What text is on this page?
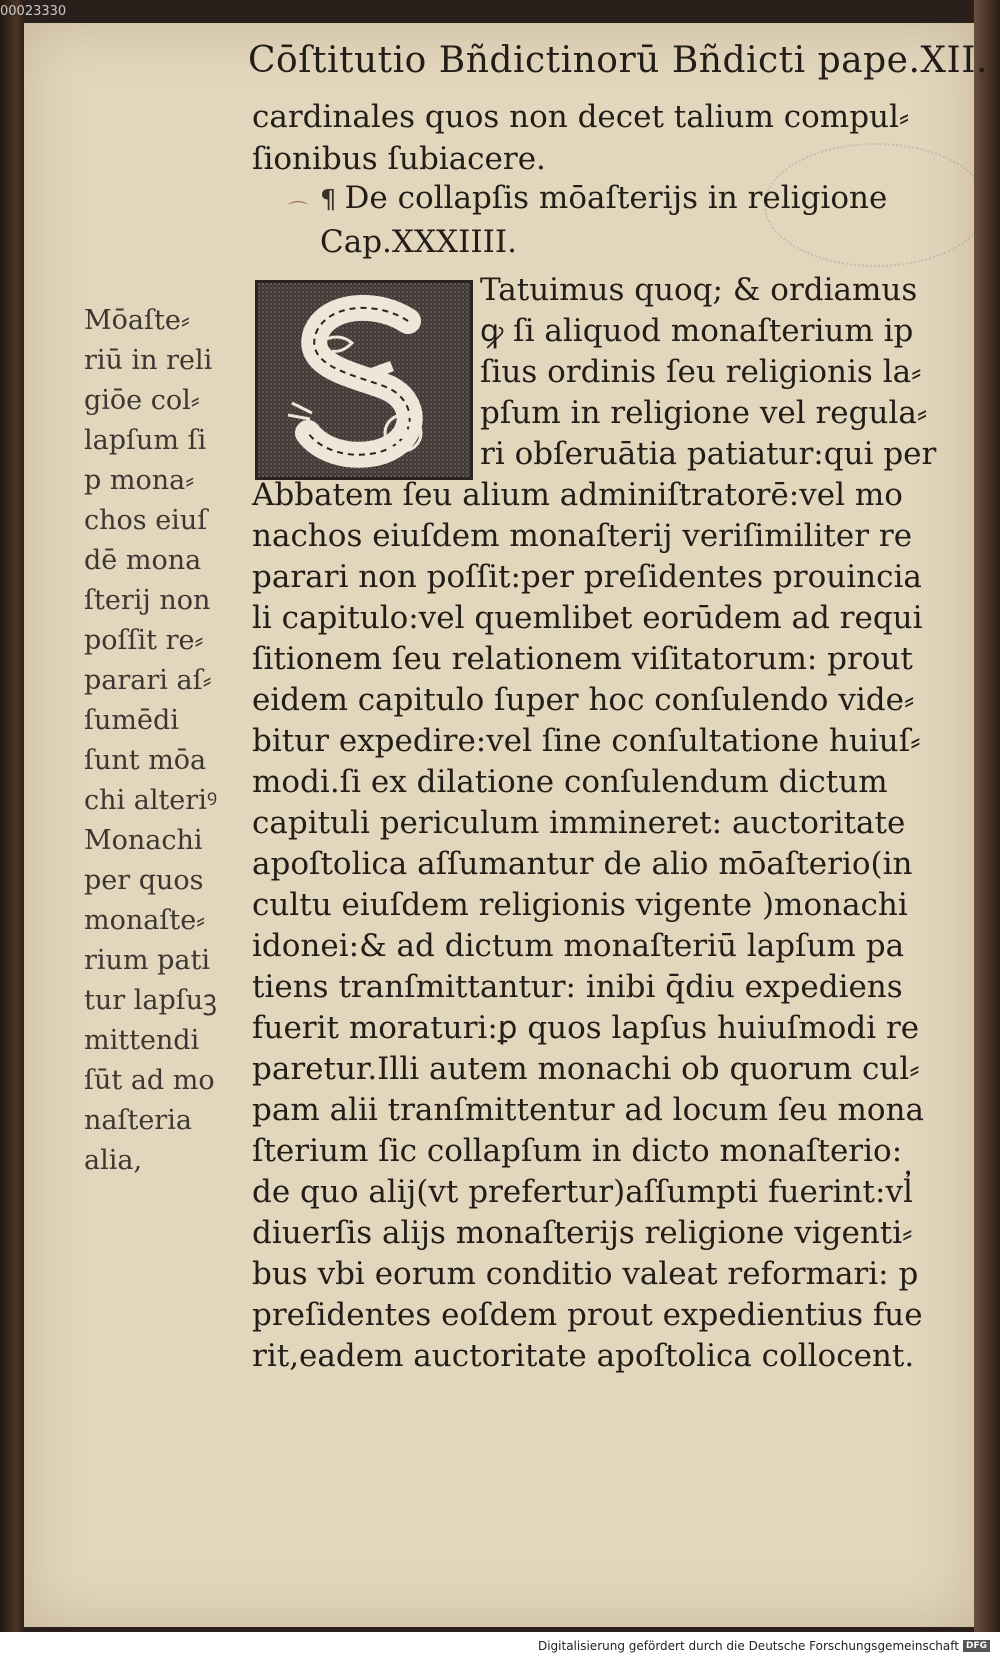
00023330

Cōſtitutio Bñdictinorū Bñdicti pape.XII.

cardinales quos non decet talium compul⸗
ſionibus ſubiacere.

⌒ ¶ De collapſis mōaſterijs in religione
Cap.XXXIIII.

Tatuimus quoq; & ordiamus
ꝙ ſi aliquod monaſterium ip
ſius ordinis ſeu religionis la⸗
pſum in religione vel regula⸗
ri obſeruātia patiatur:qui per
Abbatem ſeu alium adminiſtratorē:vel mo
nachos eiuſdem monaſterij veriſimiliter re
parari non poſſit:per preſidentes prouincia
li capitulo:vel quemlibet eorūdem ad requi
ſitionem ſeu relationem viſitatorum: prout
eidem capitulo ſuper hoc conſulendo vide⸗
bitur expedire:vel ſine conſultatione huiuſ⸗
modi.ſi ex dilatione conſulendum dictum
capituli periculum immineret: auctoritate
apoſtolica aſſumantur de alio mōaſterio(in
cultu eiuſdem religionis vigente )monachi
idonei:& ad dictum monaſteriū lapſum pa
tiens tranſmittantur: inibi q̄diu expediens
fuerit moraturi:ꝑ quos lapſus huiuſmodi re
paretur.Illi autem monachi ob quorum cul⸗
pam alii tranſmittentur ad locum ſeu mona
ſterium ſic collapſum in dicto monaſterio:
de quo alij(vt prefertur)aſſumpti fuerint:vl̓
diuerſis alijs monaſterijs religione vigenti⸗
bus vbi eorum conditio valeat reformari: p
preſidentes eoſdem prout expedientius fue
rit,eadem auctoritate apoſtolica collocent.

Mōaſte⸗
riū in reli
giōe col⸗
lapſum ſi
p mona⸗
chos eiuſ
dē mona
ſterij non
poſſit re⸗
parari aſ⸗
ſumēdi
ſunt mōa
chi alteriꝰ
Monachi
per quos
monaſte⸗
rium pati
tur lapſuꝫ
mittendi
ſūt ad mo
naſteria
alia,

Digitalisierung gefördert durch die Deutsche Forschungsgemeinschaft DFG
